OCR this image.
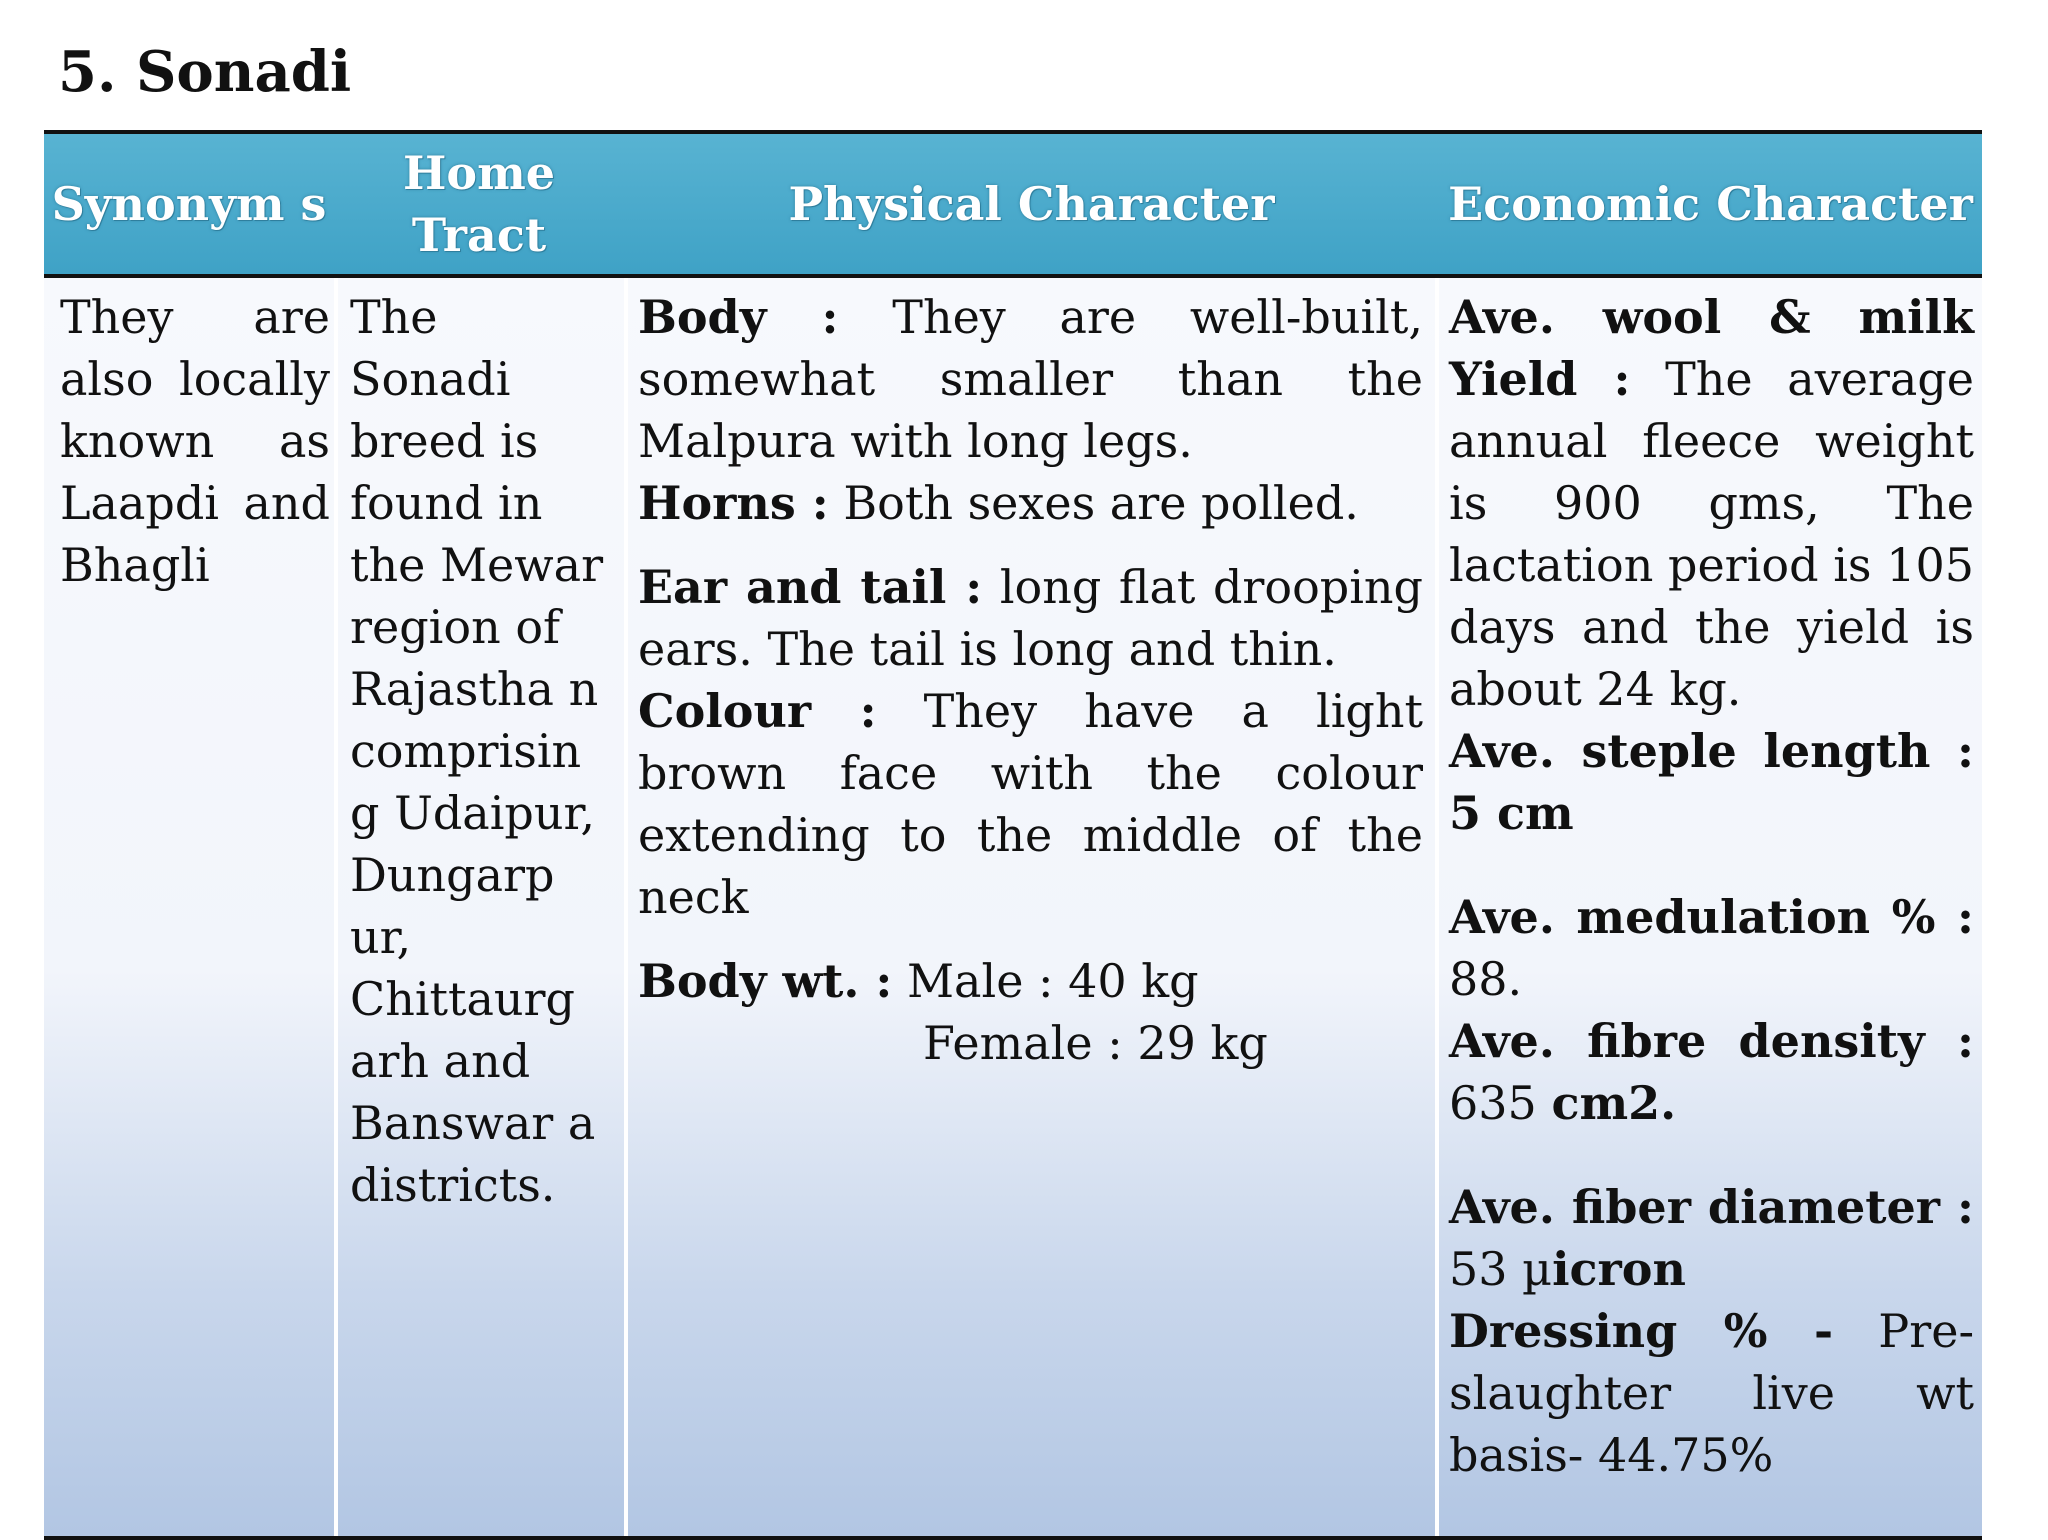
5. Sonadi
Synonym s
Home Tract
Physical Character	Economic Character

They are also locally known as Laapdi and Bhagli

The Sonadi breed is found in the Mewar region of Rajastha n comprisin g Udaipur, Dungarp ur, Chittaurg arh and Banswar a districts.

Body : They are well-built, somewhat smaller than the Malpura with long legs.

Horns : Both sexes are polled.

Ear and tail : long flat drooping ears. The tail is long and thin.

Colour : They have a light brown face with the colour extending to the middle of the neck

Body wt. : Male : 40 kg

Female : 29 kg

Ave. wool & milk Yield : The average annual fleece weight is 900 gms, The lactation period is 105 days and the yield is about 24 kg.

Ave. steple length : 5 cm

Ave. medulation % : 88.

Ave. fibre density : 635 cm2.

Ave. fiber diameter : 53 µicron

Dressing % - Pre-slaughter live wt basis- 44.75%
